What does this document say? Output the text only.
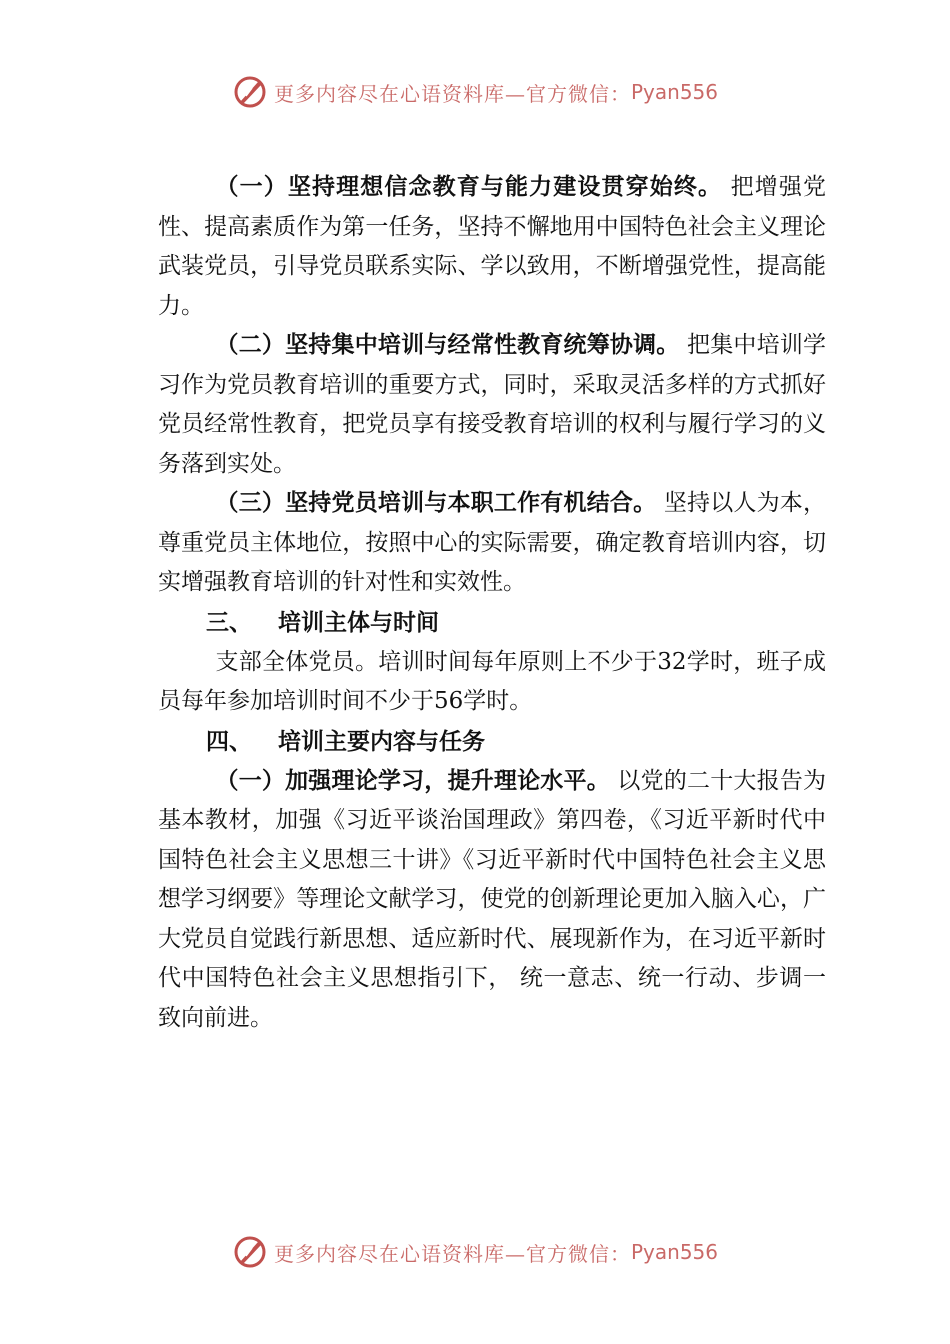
更多内容尽在心语资料库—官方微信： Pyan556

（一）坚持理想信念教育与能力建设贯穿始终。 把增强党性、提高素质作为第一任务，坚持不懈地用中国特色社会主义理论武装党员，引导党员联系实际、学以致用，不断增强党性，提高能力。

（二）坚持集中培训与经常性教育统筹协调。 把集中培训学习作为党员教育培训的重要方式，同时，采取灵活多样的方式抓好党员经常性教育，把党员享有接受教育培训的权利与履行学习的义务落到实处。

（三）坚持党员培训与本职工作有机结合。 坚持以人为本，尊重党员主体地位，按照中心的实际需要，确定教育培训内容，切实增强教育培训的针对性和实效性。

三、 培训主体与时间

支部全体党员。培训时间每年原则上不少于32学时，班子成员每年参加培训时间不少于56学时。

四、 培训主要内容与任务

（一）加强理论学习，提升理论水平。 以党的二十大报告为基本教材，加强《习近平谈治国理政》第四卷，《习近平新时代中国特色社会主义思想三十讲》《习近平新时代中国特色社会主义思想学习纲要》等理论文献学习，使党的创新理论更加入脑入心，广大党员自觉践行新思想、适应新时代、展现新作为，在习近平新时代中国特色社会主义思想指引下， 统一意志、统一行动、步调一致向前进。

更多内容尽在心语资料库—官方微信： Pyan556
